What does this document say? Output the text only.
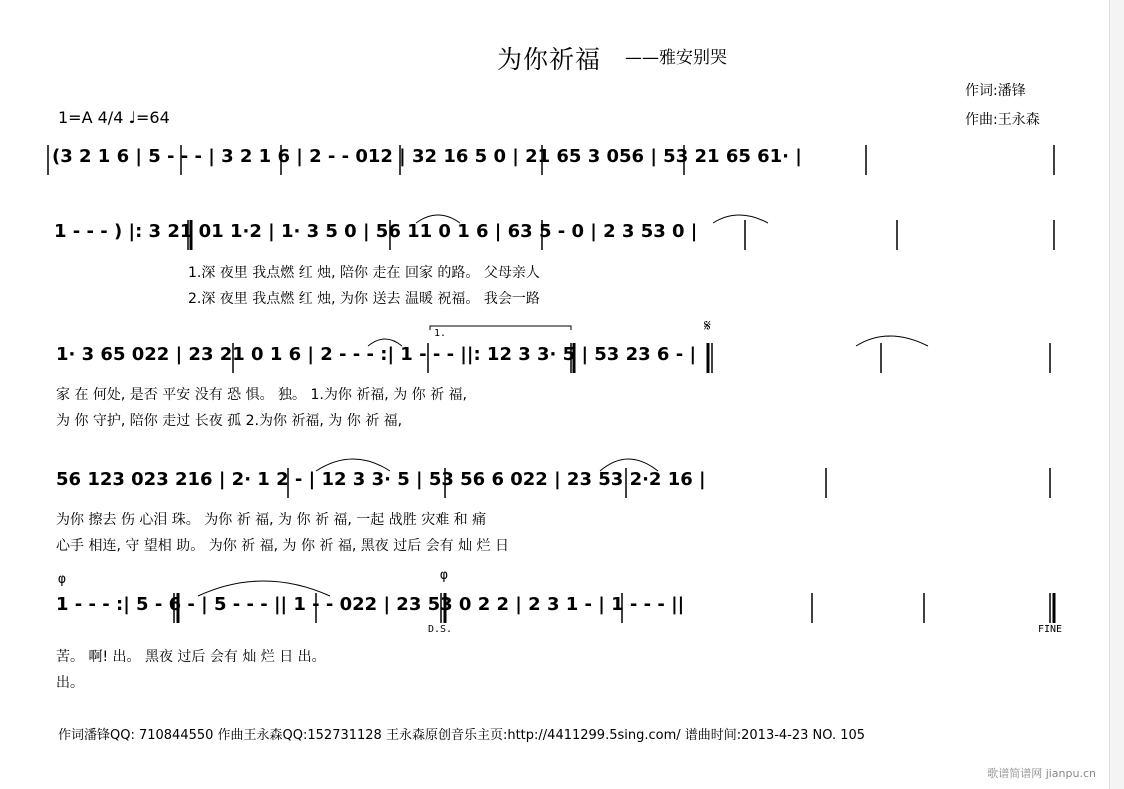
为你祈福 ——雅安别哭
作词:潘锋
作曲:王永森
1=A 4/4 ♩=64
(3 2 1 6 | 5 - - - | 3 2 1 6 | 2 - - 012 | 32 16 5 0 | 21 65 3 056 | 53 21 65 61· |
1 - - - ) |: 3 21 01 1·2 | 1· 3 5 0 | 56 11 0 1 6 | 63 5 - 0 | 2 3 53 0 |
1.深 夜里 我点燃 红 烛, 陪你 走在 回家 的路。 父母亲人
2.深 夜里 我点燃 红 烛, 为你 送去 温暖 祝福。 我会一路
1.	𝄋
1· 3 65 022 | 23 21 0 1 6 | 2 - - - :| 1 - - - ||: 12 3 3· 5 | 53 23 6 - |
家 在 何处, 是否 平安 没有 恐 惧。 独。 1.为你 祈福, 为 你 祈 福,
为 你 守护, 陪你 走过 长夜 孤 2.为你 祈福, 为 你 祈 福,
56 123 023 216 | 2· 1 2 - | 12 3 3· 5 | 53 56 6 022 | 23 53 2·2 16 |
为你 擦去 伤 心泪 珠。 为你 祈 福, 为 你 祈 福, 一起 战胜 灾难 和 痛
心手 相连, 守 望相 助。 为你 祈 福, 为 你 祈 福, 黑夜 过后 会有 灿 烂 日
φ	φ
1 - - - :| 5 - 6 - | 5 - - - || 1 - - 022 | 23 53 0 2 2 | 2 3 1 - | 1 - - - ||
D.S.	FINE
苦。 啊! 出。 黑夜 过后 会有 灿 烂 日 出。
出。
作词潘锋QQ: 710844550 作曲王永森QQ:152731128 王永森原创音乐主页:http://4411299.5sing.com/ 谱曲时间:2013-4-23 NO. 105
歌谱简谱网 jianpu.cn
